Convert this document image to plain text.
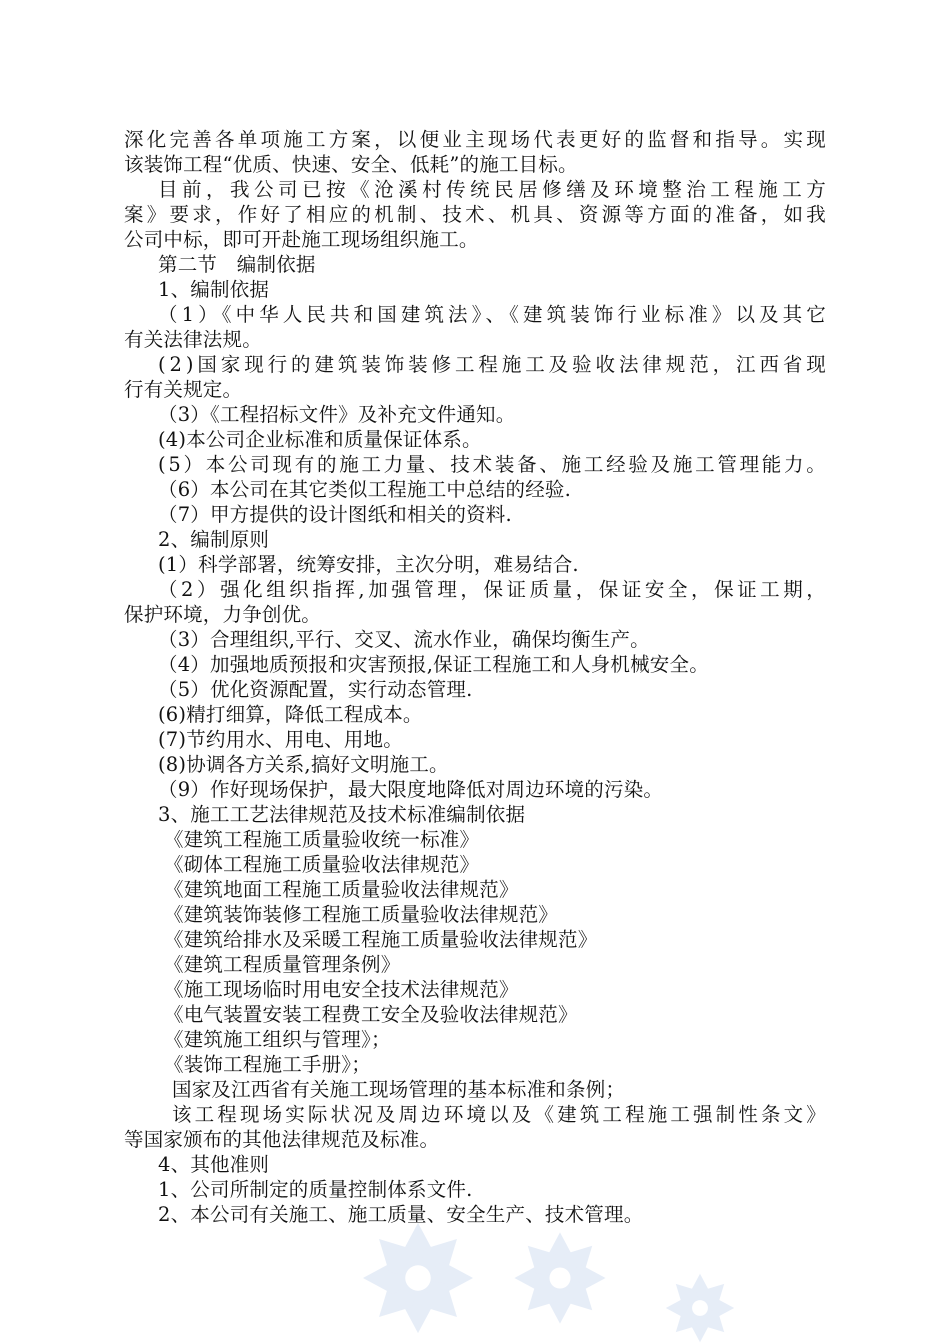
深化完善各单项施工方案，以便业主现场代表更好的监督和指导。实现
该装饰工程“优质、快速、安全、低耗”的施工目标。
目前，我公司已按《沧溪村传统民居修缮及环境整治工程施工方
案》要求，作好了相应的机制、技术、机具、资源等方面的准备，如我
公司中标，即可开赴施工现场组织施工。
第二节　编制依据
1、编制依据
（1）《中华人民共和国建筑法》、《建筑装饰行业标准》以及其它
有关法律法规。
(2)国家现行的建筑装饰装修工程施工及验收法律规范，江西省现
行有关规定。
（3）《工程招标文件》及补充文件通知。
(4)本公司企业标准和质量保证体系。
(5）本公司现有的施工力量、技术装备、施工经验及施工管理能力。
（6）本公司在其它类似工程施工中总结的经验.
（7）甲方提供的设计图纸和相关的资料.
2、编制原则
(1）科学部署，统筹安排，主次分明，难易结合.
（2）强化组织指挥,加强管理，保证质量，保证安全，保证工期，
保护环境，力争创优。
（3）合理组织,平行、交叉、流水作业，确保均衡生产。
（4）加强地质预报和灾害预报,保证工程施工和人身机械安全。
（5）优化资源配置，实行动态管理.
(6)精打细算，降低工程成本。
(7)节约用水、用电、用地。
(8)协调各方关系,搞好文明施工。
（9）作好现场保护，最大限度地降低对周边环境的污染。
3、施工工艺法律规范及技术标准编制依据
《建筑工程施工质量验收统一标准》
《砌体工程施工质量验收法律规范》
《建筑地面工程施工质量验收法律规范》
《建筑装饰装修工程施工质量验收法律规范》
《建筑给排水及采暖工程施工质量验收法律规范》
《建筑工程质量管理条例》
《施工现场临时用电安全技术法律规范》
《电气装置安装工程费工安全及验收法律规范》
《建筑施工组织与管理》；
《装饰工程施工手册》；
国家及江西省有关施工现场管理的基本标准和条例；
该工程现场实际状况及周边环境以及《建筑工程施工强制性条文》
等国家颁布的其他法律规范及标准。
4、其他准则
1、公司所制定的质量控制体系文件.
2、本公司有关施工、施工质量、安全生产、技术管理。
